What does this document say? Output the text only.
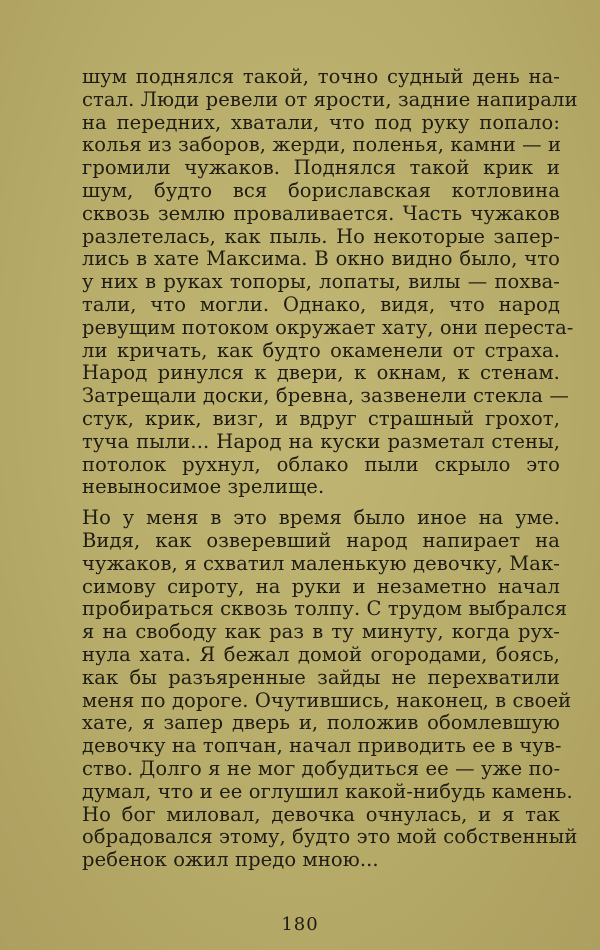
шум поднялся такой, точно судный день на-
стал. Люди ревели от ярости, задние напирали
на передних, хватали, что под руку попало:
колья из заборов, жерди, поленья, камни — и
громили чужаков. Поднялся такой крик и
шум, будто вся бориславская котловина
сквозь землю проваливается. Часть чужаков
разлетелась, как пыль. Но некоторые запер-
лись в хате Максима. В окно видно было, что
у них в руках топоры, лопаты, вилы — похва-
тали, что могли. Однако, видя, что народ
ревущим потоком окружает хату, они переста-
ли кричать, как будто окаменели от страха.
Народ ринулся к двери, к окнам, к стенам.
Затрещали доски, бревна, зазвенели стекла —
стук, крик, визг, и вдруг страшный грохот,
туча пыли... Народ на куски разметал стены,
потолок рухнул, облако пыли скрыло это
невыносимое зрелище.

Но у меня в это время было иное на уме.
Видя, как озверевший народ напирает на
чужаков, я схватил маленькую девочку, Мак-
симову сироту, на руки и незаметно начал
пробираться сквозь толпу. С трудом выбрался
я на свободу как раз в ту минуту, когда рух-
нула хата. Я бежал домой огородами, боясь,
как бы разъяренные зайды не перехватили
меня по дороге. Очутившись, наконец, в своей
хате, я запер дверь и, положив обомлевшую
девочку на топчан, начал приводить ее в чув-
ство. Долго я не мог добудиться ее — уже по-
думал, что и ее оглушил какой-нибудь камень.
Но бог миловал, девочка очнулась, и я так
обрадовался этому, будто это мой собственный
ребенок ожил предо мною...

180
